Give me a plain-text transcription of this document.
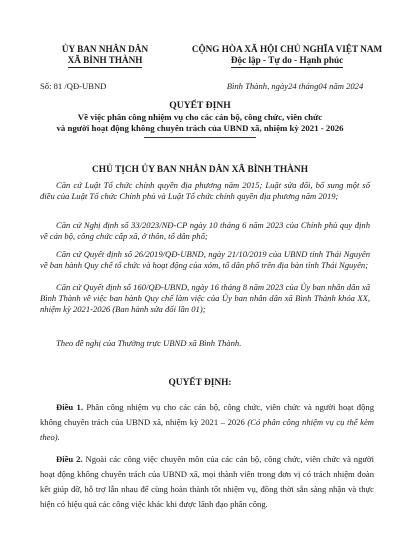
ỦY BAN NHÂN DÂN
XÃ BÌNH THÀNH
CỘNG HÒA XÃ HỘI CHỦ NGHĨA VIỆT NAM
Độc lập - Tự do - Hạnh phúc
Số: 81 /QĐ-UBND	Bình Thành, ngày24 tháng04 năm 2024
QUYẾT ĐỊNH
Về việc phân công nhiệm vụ cho các cán bộ, công chức, viên chức
và người hoạt động không chuyên trách của UBND xã, nhiệm kỳ 2021 - 2026
CHỦ TỊCH ỦY BAN NHÂN DÂN XÃ BÌNH THÀNH
Căn cứ Luật Tổ chức chính quyền địa phương năm 2015; Luật sửa đổi, bổ sung một số điều của Luật Tổ chức Chính phủ và Luật Tổ chức chính quyền địa phương năm 2019;
Căn cứ Nghị định số 33/2023/NĐ-CP ngày 10 tháng 6 năm 2023 của Chính phủ quy định về cán bộ, công chức cấp xã, ở thôn, tổ dân phố;
Căn cứ Quyết định số 26/2019/QĐ-UBND, ngày 21/10/2019 của UBND tỉnh Thái Nguyên về ban hành Quy chế tổ chức và hoạt động của xóm, tổ dân phố trên địa bàn tỉnh Thái Nguyên;
Căn cứ Quyết định số 160/QĐ-UBND, ngày 16 tháng 8 năm 2023 của Ủy ban nhân dân xã Bình Thành về việc ban hành Quy chế làm việc của Ủy ban nhân dân xã Bình Thành khóa XX, nhiệm kỳ 2021-2026 (Ban hành sửa đổi lần 01);
Theo đề nghị của Thường trực UBND xã Bình Thành.
QUYẾT ĐỊNH:
Điều 1. Phân công nhiệm vụ cho các cán bộ, công chức, viên chức và người hoạt động không chuyên trách của UBND xã, nhiệm kỳ 2021 – 2026 (Có phân công nhiệm vụ cụ thể kèm theo).
Điều 2. Ngoài các công việc chuyên môn của các cán bộ, công chức, viên chức và người hoạt động không chuyên trách của UBND xã, mọi thành viên trong đơn vị có trách nhiệm đoàn kết giúp đỡ, hỗ trợ lẫn nhau để cùng hoàn thành tốt nhiệm vụ, đồng thời sẵn sàng nhận và thực hiện có hiệu quả các công việc khác khi được lãnh đạo phân công.
